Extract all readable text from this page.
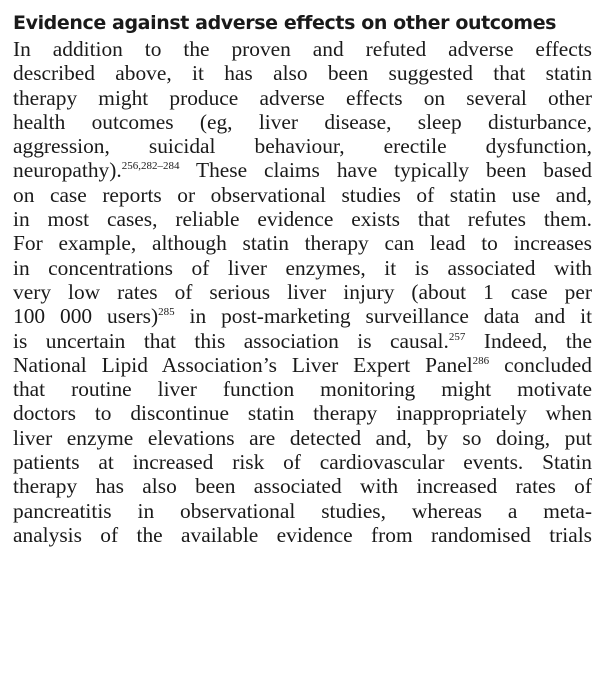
Evidence against adverse effects on other outcomes
In addition to the proven and refuted adverse effects
described above, it has also been suggested that statin
therapy might produce adverse effects on several other
health outcomes (eg, liver disease, sleep disturbance,
aggression, suicidal behaviour, erectile dysfunction,
neuropathy).$^{256,282-284}$ These claims have typically been based
on case reports or observational studies of statin use and,
in most cases, reliable evidence exists that refutes them.
For example, although statin therapy can lead to increases
in concentrations of liver enzymes, it is associated with
very low rates of serious liver injury (about 1 case per
100 000 users)$^{285}$ in post-marketing surveillance data and it
is uncertain that this association is causal.$^{257}$ Indeed, the
National Lipid Association’s Liver Expert Panel$^{286}$ concluded
that routine liver function monitoring might motivate
doctors to discontinue statin therapy inappropriately when
liver enzyme elevations are detected and, by so doing, put
patients at increased risk of cardiovascular events. Statin
therapy has also been associated with increased rates of
pancreatitis in observational studies, whereas a meta-
analysis of the available evidence from randomised trials
